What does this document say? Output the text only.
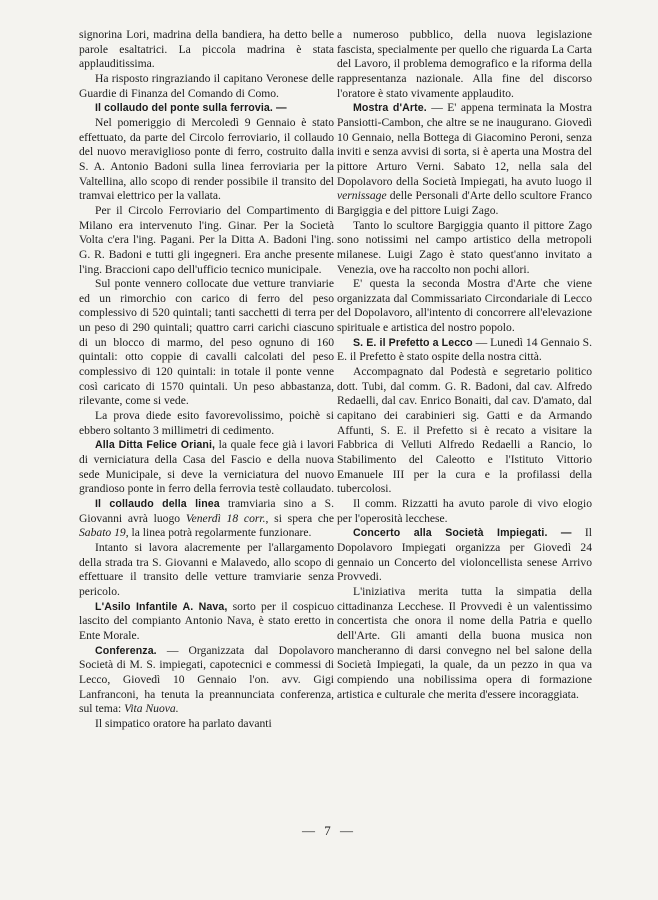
signorina Lori, madrina della bandiera, ha detto belle parole esaltatrici. La piccola madrina è stata applauditissima.

Ha risposto ringraziando il capitano Veronese delle Guardie di Finanza del Comando di Como.

Il collaudo del ponte sulla ferrovia. —

Nel pomeriggio di Mercoledì 9 Gennaio è stato effettuato, da parte del Circolo ferroviario, il collaudo del nuovo meraviglioso ponte di ferro, costruito dalla S. A. Antonio Badoni sulla linea ferroviaria per la Valtellina, allo scopo di render possibile il transito del tramvai elettrico per la vallata.

Per il Circolo Ferroviario del Compartimento di Milano era intervenuto l'ing. Ginar. Per la Società Volta c'era l'ing. Pagani. Per la Ditta A. Badoni l'ing. G. R. Badoni e tutti gli ingegneri. Era anche presente l'ing. Braccioni capo dell'ufficio tecnico municipale.

Sul ponte vennero collocate due vetture tranviarie ed un rimorchio con carico di ferro del peso complessivo di 520 quintali; tanti sacchetti di terra per un peso di 290 quintali; quattro carri carichi ciascuno di un blocco di marmo, del peso ognuno di 160 quintali: otto coppie di cavalli calcolati del peso complessivo di 120 quintali: in totale il ponte venne così caricato di 1570 quintali. Un peso abbastanza, rilevante, come si vede.

La prova diede esito favorevolissimo, poichè si ebbero soltanto 3 millimetri di cedimento.

Alla Ditta Felice Oriani, la quale fece già i lavori di verniciatura della Casa del Fascio e della nuova sede Municipale, si deve la verniciatura del nuovo grandioso ponte in ferro della ferrovia testè collaudato.

Il collaudo della linea tramviaria sino a S. Giovanni avrà luogo Venerdì 18 corr., si spera che Sabato 19, la linea potrà regolarmente funzionare.

Intanto si lavora alacremente per l'allargamento della strada tra S. Giovanni e Malavedo, allo scopo di effettuare il transito delle vetture tramviarie senza pericolo.

L'Asilo Infantile A. Nava, sorto per il cospicuo lascito del compianto Antonio Nava, è stato eretto in Ente Morale.

Conferenza. — Organizzata dal Dopolavoro Società di M. S. impiegati, capotecnici e commessi di Lecco, Giovedì 10 Gennaio l'on. avv. Gigi Lanfranconi, ha tenuta la preannunciata conferenza, sul tema: Vita Nuova.

Il simpatico oratore ha parlato davanti

a numeroso pubblico, della nuova legislazione fascista, specialmente per quello che riguarda La Carta del Lavoro, il problema demografico e la riforma della rappresentanza nazionale. Alla fine del discorso l'oratore è stato vivamente applaudito.

Mostra d'Arte. — E' appena terminata la Mostra Pansiotti-Cambon, che altre se ne inaugurano. Giovedì 10 Gennaio, nella Bottega di Giacomino Peroni, senza inviti e senza avvisi di sorta, si è aperta una Mostra del pittore Arturo Verni. Sabato 12, nella sala del Dopolavoro della Società Impiegati, ha avuto luogo il vernissage delle Personali d'Arte dello scultore Franco Bargiggia e del pittore Luigi Zago.

Tanto lo scultore Bargiggia quanto il pittore Zago sono notissimi nel campo artistico della metropoli milanese. Luigi Zago è stato quest'anno invitato a Venezia, ove ha raccolto non pochi allori.

E' questa la seconda Mostra d'Arte che viene organizzata dal Commissariato Circondariale di Lecco del Dopolavoro, all'intento di concorrere all'elevazione spirituale e artistica del nostro popolo.

S. E. il Prefetto a Lecco — Lunedì 14 Gennaio S. E. il Prefetto è stato ospite della nostra città.

Accompagnato dal Podestà e segretario politico dott. Tubi, dal comm. G. R. Badoni, dal cav. Alfredo Redaelli, dal cav. Enrico Bonaiti, dal cav. D'amato, dal capitano dei carabinieri sig. Gatti e da Armando Affunti, S. E. il Prefetto si è recato a visitare la Fabbrica di Velluti Alfredo Redaelli a Rancio, lo Stabilimento del Caleotto e l'Istituto Vittorio Emanuele III per la cura e la profilassi della tubercolosi.

Il comm. Rizzatti ha avuto parole di vivo elogio per l'operosità lecchese.

Concerto alla Società Impiegati. — Il Dopolavoro Impiegati organizza per Giovedì 24 gennaio un Concerto del violoncellista senese Arrivo Provvedi.

L'iniziativa merita tutta la simpatia della cittadinanza Lecchese. Il Provvedi è un valentissimo concertista che onora il nome della Patria e quello dell'Arte. Gli amanti della buona musica non mancheranno di darsi convegno nel bel salone della Società Impiegati, la quale, da un pezzo in qua va compiendo una nobilissima opera di formazione artistica e culturale che merita d'essere incoraggiata.

— 7 —
